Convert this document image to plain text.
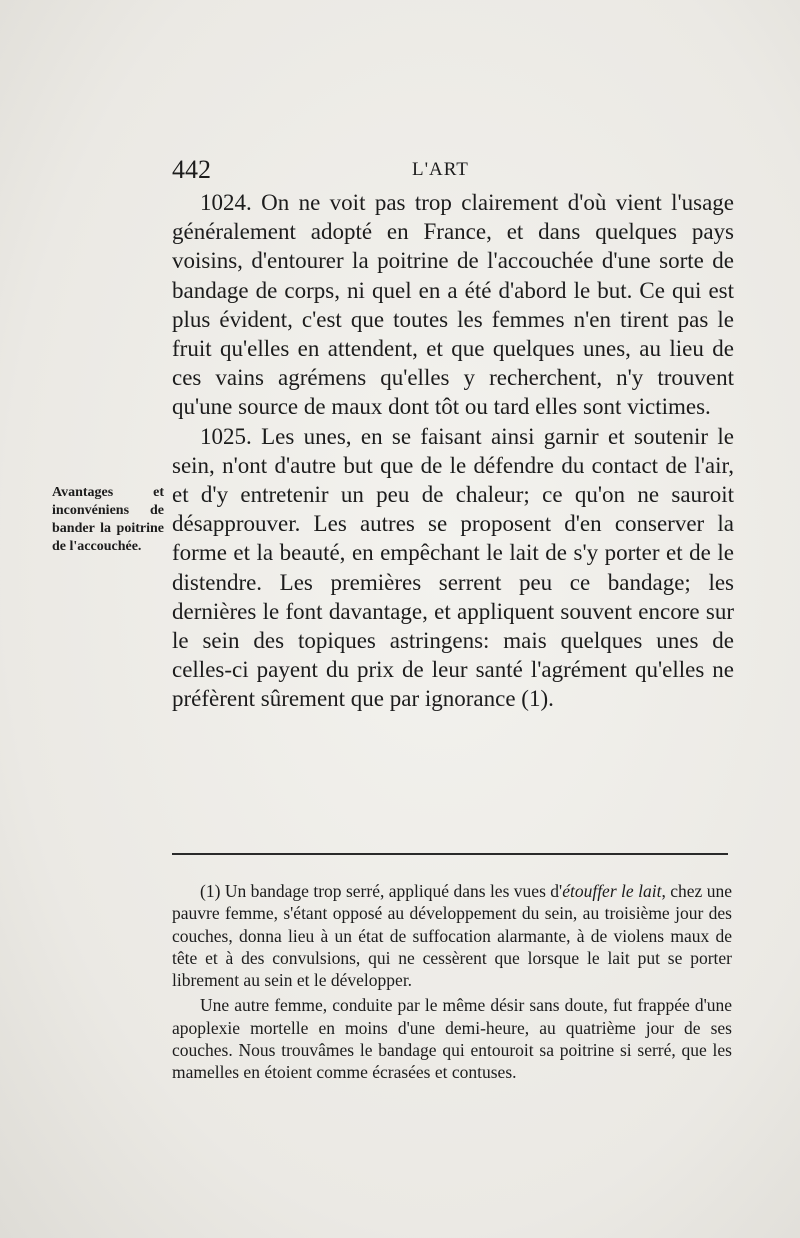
442	L'ART

1024. On ne voit pas trop clairement d'où vient l'usage généralement adopté en France, et dans quelques pays voisins, d'entourer la poitrine de l'accouchée d'une sorte de bandage de corps, ni quel en a été d'abord le but. Ce qui est plus évident, c'est que toutes les femmes n'en tirent pas le fruit qu'elles en attendent, et que quelques unes, au lieu de ces vains agrémens qu'elles y recherchent, n'y trouvent qu'une source de maux dont tôt ou tard elles sont victimes.

1025. Les unes, en se faisant ainsi garnir et soutenir le sein, n'ont d'autre but que de le défendre du contact de l'air, et d'y entretenir un peu de chaleur; ce qu'on ne sauroit désapprouver. Les autres se proposent d'en conserver la forme et la beauté, en empêchant le lait de s'y porter et de le distendre. Les premières serrent peu ce bandage; les dernières le font davantage, et appliquent souvent encore sur le sein des topiques astringens: mais quelques unes de celles-ci payent du prix de leur santé l'agrément qu'elles ne préfèrent sûrement que par ignorance (1).

Avantages et inconvéniens de bander la poitrine de l'accouchée.

(1) Un bandage trop serré, appliqué dans les vues d'étouffer le lait, chez une pauvre femme, s'étant opposé au développement du sein, au troisième jour des couches, donna lieu à un état de suffocation alarmante, à de violens maux de tête et à des convulsions, qui ne cessèrent que lorsque le lait put se porter librement au sein et le développer.

Une autre femme, conduite par le même désir sans doute, fut frappée d'une apoplexie mortelle en moins d'une demi-heure, au quatrième jour de ses couches. Nous trouvâmes le bandage qui entouroit sa poitrine si serré, que les mamelles en étoient comme écrasées et contuses.
